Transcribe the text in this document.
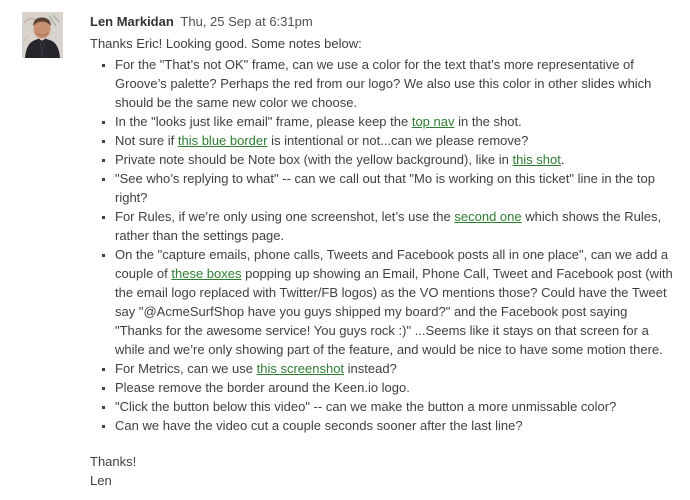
Len Markidan Thu, 25 Sep at 6:31pm

Thanks Eric! Looking good. Some notes below:

▪ For the "That’s not OK" frame, can we use a color for the text that’s more representative of Groove’s palette? Perhaps the red from our logo? We also use this color in other slides which should be the same new color we choose.
▪ In the "looks just like email" frame, please keep the top nav in the shot.
▪ Not sure if this blue border is intentional or not...can we please remove?
▪ Private note should be Note box (with the yellow background), like in this shot.
▪ "See who’s replying to what" -- can we call out that "Mo is working on this ticket" line in the top right?
▪ For Rules, if we’re only using one screenshot, let’s use the second one which shows the Rules, rather than the settings page.
▪ On the "capture emails, phone calls, Tweets and Facebook posts all in one place", can we add a couple of these boxes popping up showing an Email, Phone Call, Tweet and Facebook post (with the email logo replaced with Twitter/FB logos) as the VO mentions those? Could have the Tweet say "@AcmeSurfShop have you guys shipped my board?" and the Facebook post saying "Thanks for the awesome service! You guys rock :)" ...Seems like it stays on that screen for a while and we’re only showing part of the feature, and would be nice to have some motion there.
▪ For Metrics, can we use this screenshot instead?
▪ Please remove the border around the Keen.io logo.
▪ "Click the button below this video" -- can we make the button a more unmissable color?
▪ Can we have the video cut a couple seconds sooner after the last line?

Thanks!
Len
